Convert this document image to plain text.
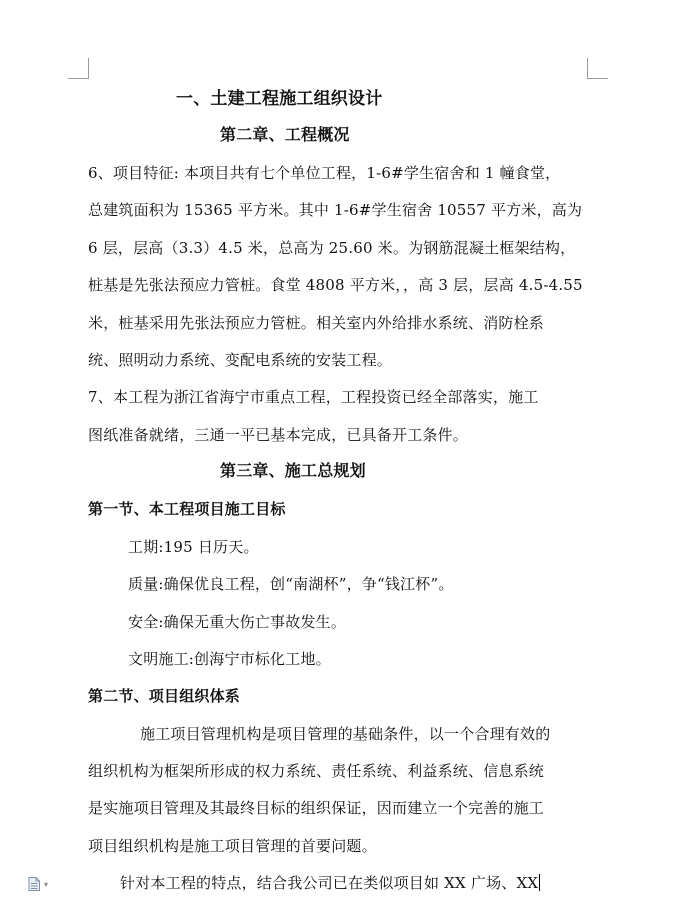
一、土建工程施工组织设计
第二章、工程概况
6、项目特征: 本项目共有七个单位工程，1-6#学生宿舍和 1 幢食堂，
总建筑面积为 15365 平方米。其中 1-6#学生宿舍 10557 平方米，高为
6 层，层高（3.3）4.5 米，总高为 25.60 米。为钢筋混凝土框架结构，
桩基是先张法预应力管桩。食堂 4808 平方米，，高 3 层，层高 4.5-4.55
米，桩基采用先张法预应力管桩。相关室内外给排水系统、消防栓系
统、照明动力系统、变配电系统的安装工程。
7、本工程为浙江省海宁市重点工程，工程投资已经全部落实，施工
图纸准备就绪，三通一平已基本完成，已具备开工条件。
第三章、施工总规划
第一节、本工程项目施工目标
工期:195 日历天。
质量:确保优良工程，创“南湖杯”，争“钱江杯”。
安全:确保无重大伤亡事故发生。
文明施工:创海宁市标化工地。
第二节、项目组织体系
施工项目管理机构是项目管理的基础条件，以一个合理有效的
组织机构为框架所形成的权力系统、责任系统、利益系统、信息系统
是实施项目管理及其最终目标的组织保证，因而建立一个完善的施工
项目组织机构是施工项目管理的首要问题。
针对本工程的特点，结合我公司已在类似项目如 XX 广场、XX
▾
